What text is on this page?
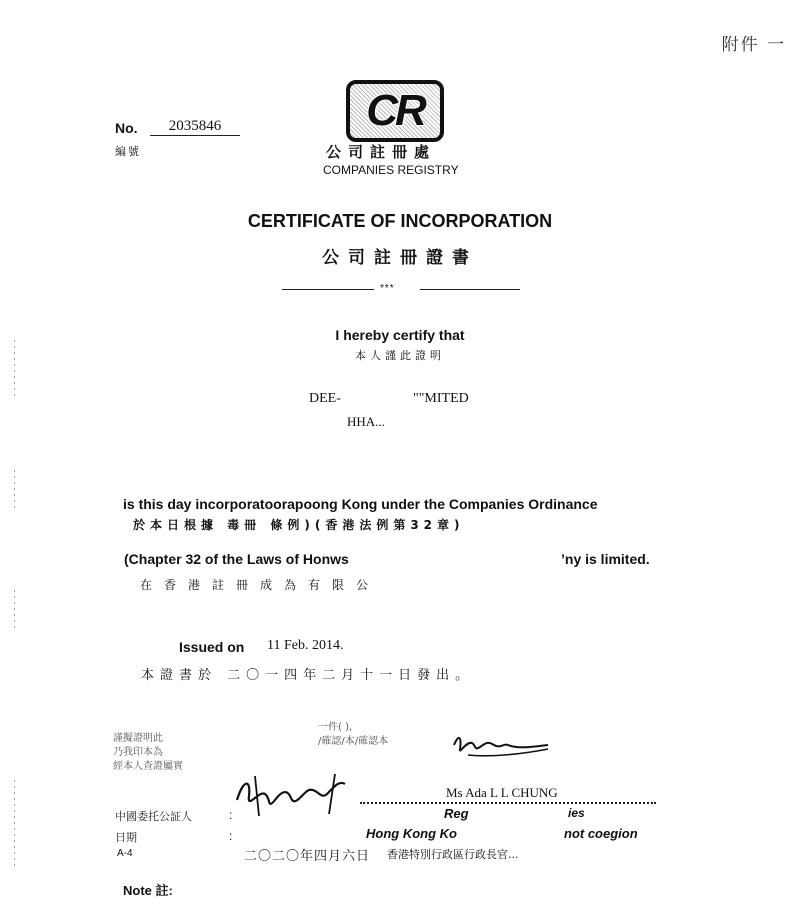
附件 一
No.	2035846
編號
CR
公司註冊處
COMPANIES REGISTRY
CERTIFICATE OF INCORPORATION
公司註冊證書
***
I hereby certify that
本人謹此證明
DEE-	""MITED
HHA...
is this day incorporatoorapoong Kong under the Companies Ordinance
於本日根據 毒冊 條例)(香港法例第32章)
(Chapter 32 of the Laws of Honws	’ny is limited.
在香港註冊成為有限公
Issued on 11 Feb. 2014.
本證書於 二〇一四年二月十一日發出。
謹擬證明此
乃我印本為
經本人查證屬實
一件( ),
/確認/本/確認本
Ms Ada L L CHUNG
Reg	ies
Hong Kong Ko	not coegion
中國委托公証人	:
日期	:
A-4	二〇二〇年四月六日 香港特別行政區行政長官...
Note 註:
